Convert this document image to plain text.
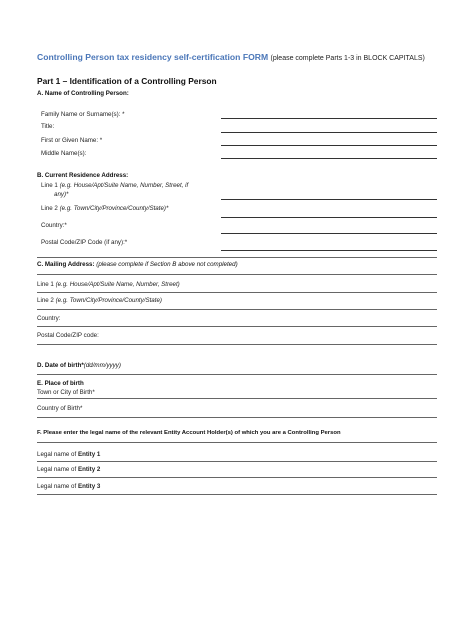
Controlling Person tax residency self-certification FORM (please complete Parts 1-3 in BLOCK CAPITALS)
Part 1 – Identification of a Controlling Person
A. Name of Controlling Person:
Family Name or Surname(s): *
Title:
First or Given Name: *
Middle Name(s):
B. Current Residence Address:
Line 1 (e.g. House/Apt/Suite Name, Number, Street, if
any)*
Line 2 (e.g. Town/City/Province/County/State)*
Country:*
Postal Code/ZIP Code (if any):*
C. Mailing Address: (please complete if Section B above not completed)
Line 1 (e.g. House/Apt/Suite Name, Number, Street)
Line 2 (e.g. Town/City/Province/County/State)
Country:
Postal Code/ZIP code:
D. Date of birth*(dd/mm/yyyy)
E. Place of birth
Town or City of Birth*
Country of Birth*
F. Please enter the legal name of the relevant Entity Account Holder(s) of which you are a Controlling Person
Legal name of Entity 1
Legal name of Entity 2
Legal name of Entity 3
